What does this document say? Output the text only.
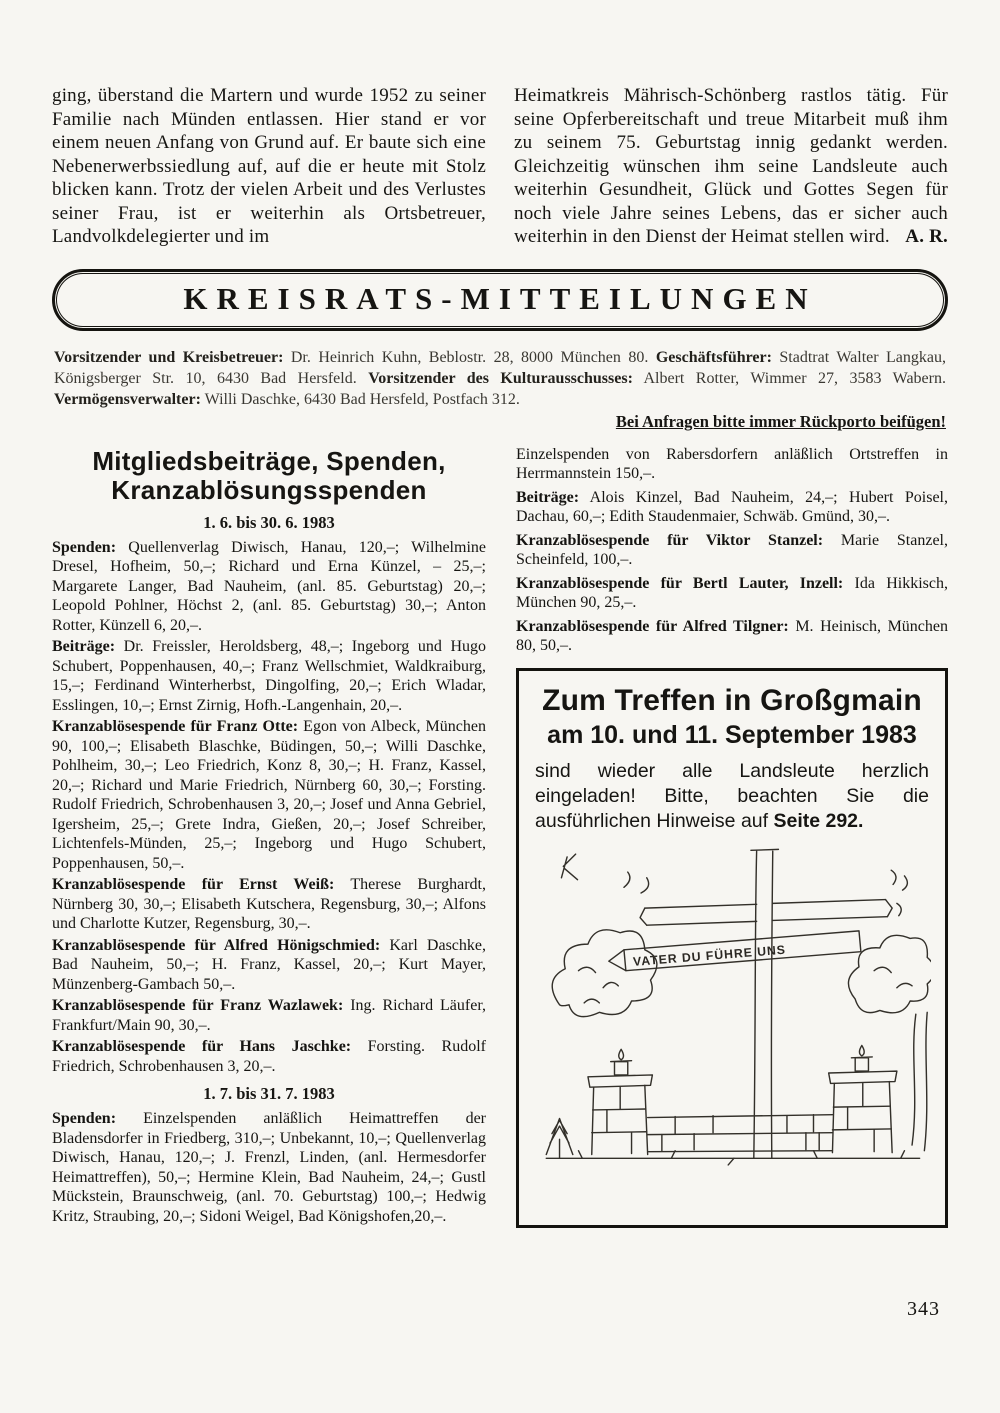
ging, überstand die Martern und wurde 1952 zu seiner Familie nach Münden entlassen. Hier stand er vor einem neuen Anfang von Grund auf. Er baute sich eine Nebenerwerbssiedlung auf, auf die er heute mit Stolz blicken kann. Trotz der vielen Arbeit und des Verlustes seiner Frau, ist er weiterhin als Ortsbetreuer, Landvolkdelegierter und im

Heimatkreis Mährisch-Schönberg rastlos tätig. Für seine Opferbereitschaft und treue Mitarbeit muß ihm zu seinem 75. Geburtstag innig gedankt werden. Gleichzeitig wünschen ihm seine Landsleute auch weiterhin Gesundheit, Glück und Gottes Segen für noch viele Jahre seines Lebens, das er sicher auch weiterhin in den Dienst der Heimat stellen wird. A. R.

KREISRATS-MITTEILUNGEN

Vorsitzender und Kreisbetreuer: Dr. Heinrich Kuhn, Beblostr. 28, 8000 München 80. Geschäftsführer: Stadtrat Walter Langkau, Königsberger Str. 10, 6430 Bad Hersfeld. Vorsitzender des Kulturausschusses: Albert Rotter, Wimmer 27, 3583 Wabern. Vermögensverwalter: Willi Daschke, 6430 Bad Hersfeld, Postfach 312.

Bei Anfragen bitte immer Rückporto beifügen!

Mitgliedsbeiträge, Spenden,
Kranzablösungsspenden

1. 6. bis 30. 6. 1983

Spenden: Quellenverlag Diwisch, Hanau, 120,–; Wilhelmine Dresel, Hofheim, 50,–; Richard und Erna Künzel, – 25,–; Margarete Langer, Bad Nauheim, (anl. 85. Geburtstag) 20,–; Leopold Pohlner, Höchst 2, (anl. 85. Geburtstag) 30,–; Anton Rotter, Künzell 6, 20,–.

Beiträge: Dr. Freissler, Heroldsberg, 48,–; Ingeborg und Hugo Schubert, Poppenhausen, 40,–; Franz Wellschmiet, Waldkraiburg, 15,–; Ferdinand Winterherbst, Dingolfing, 20,–; Erich Wladar, Esslingen, 10,–; Ernst Zirnig, Hofh.-Langenhain, 20,–.

Kranzablösespende für Franz Otte: Egon von Albeck, München 90, 100,–; Elisabeth Blaschke, Büdingen, 50,–; Willi Daschke, Pohlheim, 30,–; Leo Friedrich, Konz 8, 30,–; H. Franz, Kassel, 20,–; Richard und Marie Friedrich, Nürnberg 60, 30,–; Forsting. Rudolf Friedrich, Schrobenhausen 3, 20,–; Josef und Anna Gebriel, Igersheim, 25,–; Grete Indra, Gießen, 20,–; Josef Schreiber, Lichtenfels-Münden, 25,–; Ingeborg und Hugo Schubert, Poppenhausen, 50,–.

Kranzablösespende für Ernst Weiß: Therese Burghardt, Nürnberg 30, 30,–; Elisabeth Kutschera, Regensburg, 30,–; Alfons und Charlotte Kutzer, Regensburg, 30,–.

Kranzablösespende für Alfred Hönigschmied: Karl Daschke, Bad Nauheim, 50,–; H. Franz, Kassel, 20,–; Kurt Mayer, Münzenberg-Gambach 50,–.

Kranzablösespende für Franz Wazlawek: Ing. Richard Läufer, Frankfurt/Main 90, 30,–.

Kranzablösespende für Hans Jaschke: Forsting. Rudolf Friedrich, Schrobenhausen 3, 20,–.

1. 7. bis 31. 7. 1983

Spenden: Einzelspenden anläßlich Heimattreffen der Bladensdorfer in Friedberg, 310,–; Unbekannt, 10,–; Quellenverlag Diwisch, Hanau, 120,–; J. Frenzl, Linden, (anl. Hermesdorfer Heimattreffen), 50,–; Hermine Klein, Bad Nauheim, 24,–; Gustl Mückstein, Braunschweig, (anl. 70. Geburtstag) 100,–; Hedwig Kritz, Straubing, 20,–; Sidoni Weigel, Bad Königshofen,20,–.

Einzelspenden von Rabersdorfern anläßlich Ortstreffen in Herrmannstein 150,–.

Beiträge: Alois Kinzel, Bad Nauheim, 24,–; Hubert Poisel, Dachau, 60,–; Edith Staudenmaier, Schwäb. Gmünd, 30,–.

Kranzablösespende für Viktor Stanzel: Marie Stanzel, Scheinfeld, 100,–.

Kranzablösespende für Bertl Lauter, Inzell: Ida Hikkisch, München 90, 25,–.

Kranzablösespende für Alfred Tilgner: M. Heinisch, München 80, 50,–.

Zum Treffen in Großgmain
am 10. und 11. September 1983

sind wieder alle Landsleute herzlich eingeladen! Bitte, beachten Sie die ausführlichen Hinweise auf Seite 292.

VATER DU FÜHRE UNS
343
